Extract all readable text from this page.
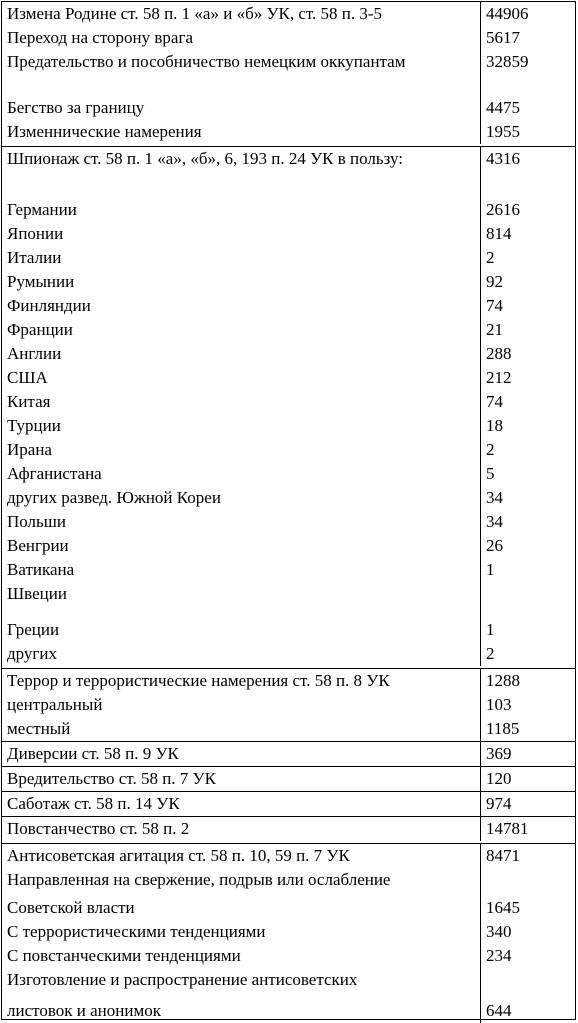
Измена Родине ст. 58 п. 1 «а» и «б» УК, ст. 58 п. 3-5	44906
Переход на сторону врага	5617
Предательство и пособничество немецким оккупантам	32859
Бегство за границу	4475
Изменнические намерения	1955
Шпионаж ст. 58 п. 1 «а», «б», 6, 193 п. 24 УК в пользу:	4316
Германии	2616
Японии	814
Италии	2
Румынии	92
Финляндии	74
Франции	21
Англии	288
США	212
Китая	74
Турции	18
Ирана	2
Афганистана	5
других развед. Южной Кореи	34
Польши	34
Венгрии	26
Ватикана	1
Швеции	
Греции	1
других	2
Террор и террористические намерения ст. 58 п. 8 УК	1288
центральный	103
местный	1185
Диверсии ст. 58 п. 9 УК	369
Вредительство ст. 58 п. 7 УК	120
Саботаж ст. 58 п. 14 УК	974
Повстанчество ст. 58 п. 2	14781
Антисоветская агитация ст. 58 п. 10, 59 п. 7 УК	8471
Направленная на свержение, подрыв или ослабление	
Советской власти	1645
С террористическими тенденциями	340
С повстанческими тенденциями	234
Изготовление и распространение антисоветских	
листовок и анонимок	644
